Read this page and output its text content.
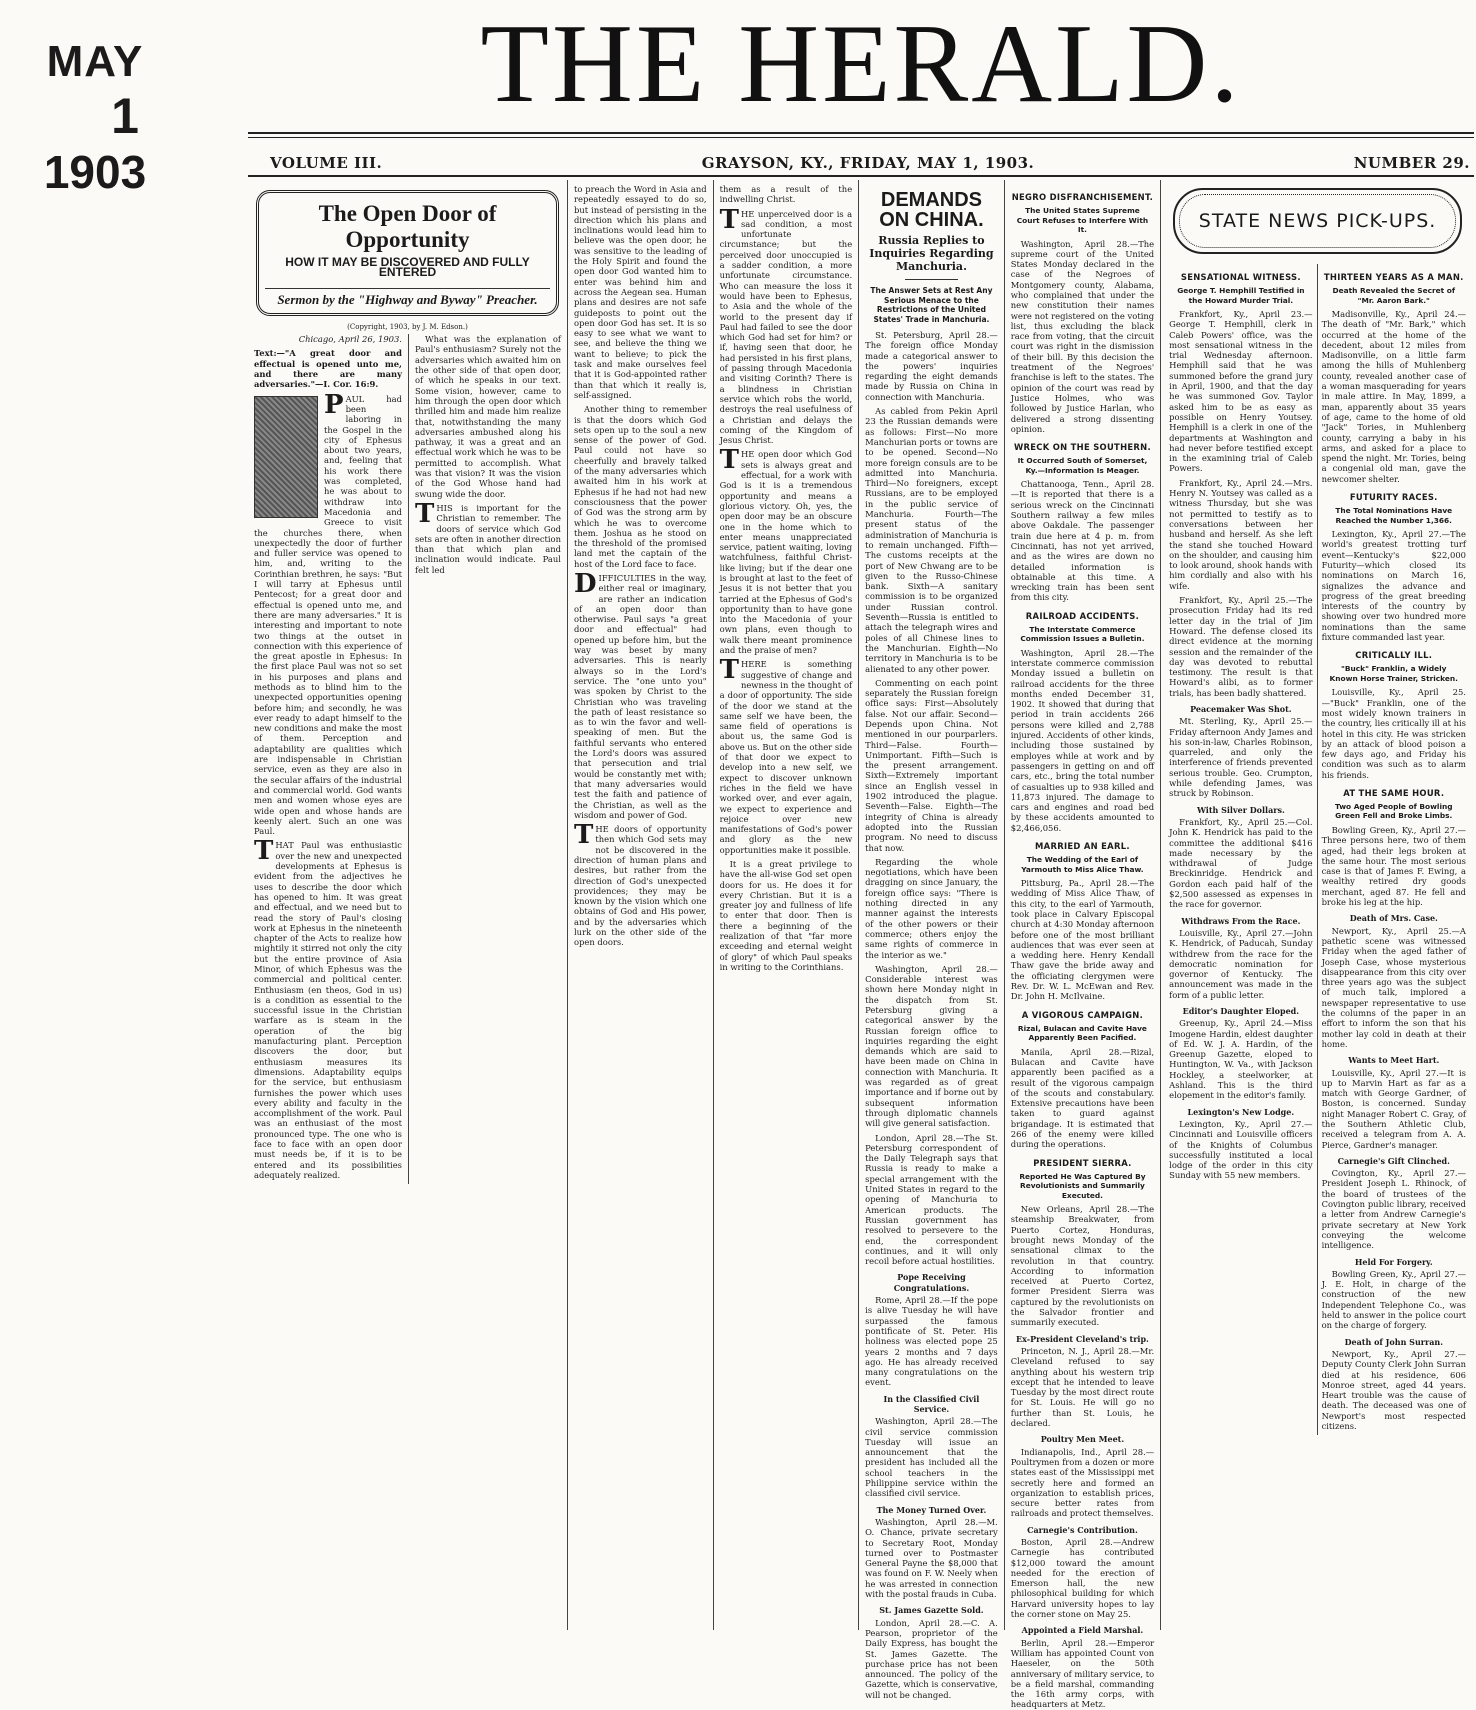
MAY
1
1903
THE HERALD.
VOLUME III.	GRAYSON, KY., FRIDAY, MAY 1, 1903.	NUMBER 29.
The Open Door of Opportunity
HOW IT MAY BE DISCOVERED AND FULLY ENTERED
Sermon by the "Highway and Byway" Preacher.
(Copyright, 1903, by J. M. Edson.)

Chicago, April 26, 1903.

Text:—"A great door and effectual is opened unto me, and there are many adversaries."—I. Cor. 16:9.

PAUL had been laboring in the Gospel in the city of Ephesus about two years, and, feeling that his work there was completed, he was about to withdraw into Macedonia and Greece to visit the churches there, when unexpectedly the door of further and fuller service was opened to him, and, writing to the Corinthian brethren, he says: "But I will tarry at Ephesus until Pentecost; for a great door and effectual is opened unto me, and there are many adversaries." It is interesting and important to note two things at the outset in connection with this experience of the great apostle in Ephesus: In the first place Paul was not so set in his purposes and plans and methods as to blind him to the unexpected opportunities opening before him; and secondly, he was ever ready to adapt himself to the new conditions and make the most of them. Perception and adaptability are qualities which are indispensable in Christian service, even as they are also in the secular affairs of the industrial and commercial world. God wants men and women whose eyes are wide open and whose hands are keenly alert. Such an one was Paul.

THAT Paul was enthusiastic over the new and unexpected developments at Ephesus is evident from the adjectives he uses to describe the door which has opened to him. It was great and effectual, and we need but to read the story of Paul's closing work at Ephesus in the nineteenth chapter of the Acts to realize how mightily it stirred not only the city but the entire province of Asia Minor, of which Ephesus was the commercial and political center. Enthusiasm (en theos, God in us) is a condition as essential to the successful issue in the Christian warfare as is steam in the operation of the big manufacturing plant. Perception discovers the door, but enthusiasm measures its dimensions. Adaptability equips for the service, but enthusiasm furnishes the power which uses every ability and faculty in the accomplishment of the work. Paul was an enthusiast of the most pronounced type. The one who is face to face with an open door must needs be, if it is to be entered and its possibilities adequately realized.

What was the explanation of Paul's enthusiasm? Surely not the adversaries which awaited him on the other side of that open door, of which he speaks in our text. Some vision, however, came to him through the open door which thrilled him and made him realize that, notwithstanding the many adversaries ambushed along his pathway, it was a great and an effectual work which he was to be permitted to accomplish. What was that vision? It was the vision of the God Whose hand had swung wide the door.

THIS is important for the Christian to remember. The doors of service which God sets are often in another direction than that which plan and inclination would indicate. Paul felt led

to preach the Word in Asia and repeatedly essayed to do so, but instead of persisting in the direction which his plans and inclinations would lead him to believe was the open door, he was sensitive to the leading of the Holy Spirit and found the open door God wanted him to enter was behind him and across the Aegean sea. Human plans and desires are not safe guideposts to point out the open door God has set. It is so easy to see what we want to see, and believe the thing we want to believe; to pick the task and make ourselves feel that it is God-appointed rather than that which it really is, self-assigned.

Another thing to remember is that the doors which God sets open up to the soul a new sense of the power of God. Paul could not have so cheerfully and bravely talked of the many adversaries which awaited him in his work at Ephesus if he had not had new consciousness that the power of God was the strong arm by which he was to overcome them. Joshua as he stood on the threshold of the promised land met the captain of the host of the Lord face to face.

DIFFICULTIES in the way, either real or imaginary, are rather an indication of an open door than otherwise. Paul says "a great door and effectual" had opened up before him, but the way was beset by many adversaries. This is nearly always so in the Lord's service. The "one unto you" was spoken by Christ to the Christian who was traveling the path of least resistance so as to win the favor and well-speaking of men. But the faithful servants who entered the Lord's doors was assured that persecution and trial would be constantly met with; that many adversaries would test the faith and patience of the Christian, as well as the wisdom and power of God.

THE doors of opportunity then which God sets may not be discovered in the direction of human plans and desires, but rather from the direction of God's unexpected providences; they may be known by the vision which one obtains of God and His power, and by the adversaries which lurk on the other side of the open doors.

them as a result of the indwelling Christ.

THE unperceived door is a sad condition, a most unfortunate circumstance; but the perceived door unoccupied is a sadder condition, a more unfortunate circumstance. Who can measure the loss it would have been to Ephesus, to Asia and the whole of the world to the present day if Paul had failed to see the door which God had set for him? or if, having seen that door, he had persisted in his first plans, of passing through Macedonia and visiting Corinth? There is a blindness in Christian service which robs the world, destroys the real usefulness of a Christian and delays the coming of the Kingdom of Jesus Christ.

THE open door which God sets is always great and effectual, for a work with God is it is a tremendous opportunity and means a glorious victory. Oh, yes, the open door may be an obscure one in the home which to enter means unappreciated service, patient waiting, loving watchfulness, faithful Christ-like living; but if the dear one is brought at last to the feet of Jesus it is not better that you tarried at the Ephesus of God's opportunity than to have gone into the Macedonia of your own plans, even though to walk there meant prominence and the praise of men?

THERE is something suggestive of change and newness in the thought of a door of opportunity. The side of the door we stand at the same self we have been, the same field of operations is about us, the same God is above us. But on the other side of that door we expect to develop into a new self, we expect to discover unknown riches in the field we have worked over, and ever again, we expect to experience and rejoice over new manifestations of God's power and glory as the new opportunities make it possible.

It is a great privilege to have the all-wise God set open doors for us. He does it for every Christian. But it is a greater joy and fullness of life to enter that door. Then is there a beginning of the realization of that "far more exceeding and eternal weight of glory" of which Paul speaks in writing to the Corinthians.

DEMANDS ON CHINA.
Russia Replies to Inquiries Regarding Manchuria.
The Answer Sets at Rest Any Serious Menace to the Restrictions of the United States' Trade in Manchuria.

St. Petersburg, April 28.—The foreign office Monday made a categorical answer to the powers' inquiries regarding the eight demands made by Russia on China in connection with Manchuria.

As cabled from Pekin April 23 the Russian demands were as follows: First—No more Manchurian ports or towns are to be opened. Second—No more foreign consuls are to be admitted into Manchuria. Third—No foreigners, except Russians, are to be employed in the public service of Manchuria. Fourth—The present status of the administration of Manchuria is to remain unchanged. Fifth—The customs receipts at the port of New Chwang are to be given to the Russo-Chinese bank. Sixth—A sanitary commission is to be organized under Russian control. Seventh—Russia is entitled to attach the telegraph wires and poles of all Chinese lines to the Manchurian. Eighth—No territory in Manchuria is to be alienated to any other power.

Commenting on each point separately the Russian foreign office says: First—Absolutely false. Not our affair. Second—Depends upon China. Not mentioned in our pourparlers. Third—False. Fourth—Unimportant. Fifth—Such is the present arrangement. Sixth—Extremely important since an English vessel in 1902 introduced the plague. Seventh—False. Eighth—The integrity of China is already adopted into the Russian program. No need to discuss that now.

Regarding the whole negotiations, which have been dragging on since January, the foreign office says: "There is nothing directed in any manner against the interests of the other powers or their commerce; others enjoy the same rights of commerce in the interior as we."

Washington, April 28.—Considerable interest was shown here Monday night in the dispatch from St. Petersburg giving a categorical answer by the Russian foreign office to inquiries regarding the eight demands which are said to have been made on China in connection with Manchuria. It was regarded as of great importance and if borne out by subsequent information through diplomatic channels will give general satisfaction.

London, April 28.—The St. Petersburg correspondent of the Daily Telegraph says that Russia is ready to make a special arrangement with the United States in regard to the opening of Manchuria to American products. The Russian government has resolved to persevere to the end, the correspondent continues, and it will only recoil before actual hostilities.

Pope Receiving Congratulations.

Rome, April 28.—If the pope is alive Tuesday he will have surpassed the famous pontificate of St. Peter. His holiness was elected pope 25 years 2 months and 7 days ago. He has already received many congratulations on the event.

In the Classified Civil Service.

Washington, April 28.—The civil service commission Tuesday will issue an announcement that the president has included all the school teachers in the Philippine service within the classified civil service.

The Money Turned Over.

Washington, April 28.—M. O. Chance, private secretary to Secretary Root, Monday turned over to Postmaster General Payne the $8,000 that was found on F. W. Neely when he was arrested in connection with the postal frauds in Cuba.

St. James Gazette Sold.

London, April 28.—C. A. Pearson, proprietor of the Daily Express, has bought the St. James Gazette. The purchase price has not been announced. The policy of the Gazette, which is conservative, will not be changed.

NEGRO DISFRANCHISEMENT.
The United States Supreme Court Refuses to Interfere With It.

Washington, April 28.—The supreme court of the United States Monday declared in the case of the Negroes of Montgomery county, Alabama, who complained that under the new constitution their names were not registered on the voting list, thus excluding the black race from voting, that the circuit court was right in the dismission of their bill. By this decision the treatment of the Negroes' franchise is left to the states. The opinion of the court was read by Justice Holmes, who was followed by Justice Harlan, who delivered a strong dissenting opinion.

WRECK ON THE SOUTHERN.
It Occurred South of Somerset, Ky.—Information Is Meager.

Chattanooga, Tenn., April 28.—It is reported that there is a serious wreck on the Cincinnati Southern railway a few miles above Oakdale. The passenger train due here at 4 p. m. from Cincinnati, has not yet arrived, and as the wires are down no detailed information is obtainable at this time. A wrecking train has been sent from this city.

RAILROAD ACCIDENTS.
The Interstate Commerce Commission Issues a Bulletin.

Washington, April 28.—The interstate commerce commission Monday issued a bulletin on railroad accidents for the three months ended December 31, 1902. It showed that during that period in train accidents 266 persons were killed and 2,788 injured. Accidents of other kinds, including those sustained by employes while at work and by passengers in getting on and off cars, etc., bring the total number of casualties up to 938 killed and 11,873 injured. The damage to cars and engines and road bed by these accidents amounted to $2,466,056.

MARRIED AN EARL.
The Wedding of the Earl of Yarmouth to Miss Alice Thaw.

Pittsburg, Pa., April 28.—The wedding of Miss Alice Thaw, of this city, to the earl of Yarmouth, took place in Calvary Episcopal church at 4:30 Monday afternoon before one of the most brilliant audiences that was ever seen at a wedding here. Henry Kendall Thaw gave the bride away and the officiating clergymen were Rev. Dr. W. L. McEwan and Rev. Dr. John H. McIlvaine.

A VIGOROUS CAMPAIGN.
Rizal, Bulacan and Cavite Have Apparently Been Pacified.

Manila, April 28.—Rizal, Bulacan and Cavite have apparently been pacified as a result of the vigorous campaign of the scouts and constabulary. Extensive precautions have been taken to guard against brigandage. It is estimated that 266 of the enemy were killed during the operations.

PRESIDENT SIERRA.
Reported He Was Captured By Revolutionists and Summarily Executed.

New Orleans, April 28.—The steamship Breakwater, from Puerto Cortez, Honduras, brought news Monday of the sensational climax to the revolution in that country. According to information received at Puerto Cortez, former President Sierra was captured by the revolutionists on the Salvador frontier and summarily executed.

Ex-President Cleveland's trip.

Princeton, N. J., April 28.—Mr. Cleveland refused to say anything about his western trip except that he intended to leave Tuesday by the most direct route for St. Louis. He will go no further than St. Louis, he declared.

Poultry Men Meet.

Indianapolis, Ind., April 28.—Poultrymen from a dozen or more states east of the Mississippi met secretly here and formed an organization to establish prices, secure better rates from railroads and protect themselves.

Carnegie's Contribution.

Boston, April 28.—Andrew Carnegie has contributed $12,000 toward the amount needed for the erection of Emerson hall, the new philosophical building for which Harvard university hopes to lay the corner stone on May 25.

Appointed a Field Marshal.

Berlin, April 28.—Emperor William has appointed Count von Haeseler, on the 50th anniversary of military service, to be a field marshal, commanding the 16th army corps, with headquarters at Metz.

STATE NEWS PICK-UPS.
SENSATIONAL WITNESS.
George T. Hemphill Testified in the Howard Murder Trial.

Frankfort, Ky., April 23.—George T. Hemphill, clerk in Caleb Powers' office, was the most sensational witness in the trial Wednesday afternoon. Hemphill said that he was summoned before the grand jury in April, 1900, and that the day he was summoned Gov. Taylor asked him to be as easy as possible on Henry Youtsey. Hemphill is a clerk in one of the departments at Washington and had never before testified except in the examining trial of Caleb Powers.

Frankfort, Ky., April 24.—Mrs. Henry N. Youtsey was called as a witness Thursday, but she was not permitted to testify as to conversations between her husband and herself. As she left the stand she touched Howard on the shoulder, and causing him to look around, shook hands with him cordially and also with his wife.

Frankfort, Ky., April 25.—The prosecution Friday had its red letter day in the trial of Jim Howard. The defense closed its direct evidence at the morning session and the remainder of the day was devoted to rebuttal testimony. The result is that Howard's alibi, as to former trials, has been badly shattered.

Peacemaker Was Shot.

Mt. Sterling, Ky., April 25.—Friday afternoon Andy James and his son-in-law, Charles Robinson, quarreled, and only the interference of friends prevented serious trouble. Geo. Crumpton, while defending James, was struck by Robinson.

With Silver Dollars.

Frankfort, Ky., April 25.—Col. John K. Hendrick has paid to the committee the additional $416 made necessary by the withdrawal of Judge Breckinridge. Hendrick and Gordon each paid half of the $2,500 assessed as expenses in the race for governor.

Withdraws From the Race.

Louisville, Ky., April 27.—John K. Hendrick, of Paducah, Sunday withdrew from the race for the democratic nomination for governor of Kentucky. The announcement was made in the form of a public letter.

Editor's Daughter Eloped.

Greenup, Ky., April 24.—Miss Imogene Hardin, eldest daughter of Ed. W. J. A. Hardin, of the Greenup Gazette, eloped to Huntington, W. Va., with Jackson Hockley, a steelworker, at Ashland. This is the third elopement in the editor's family.

Lexington's New Lodge.

Lexington, Ky., April 27.—Cincinnati and Louisville officers of the Knights of Columbus successfully instituted a local lodge of the order in this city Sunday with 55 new members.

THIRTEEN YEARS AS A MAN.
Death Revealed the Secret of "Mr. Aaron Bark."

Madisonville, Ky., April 24.—The death of "Mr. Bark," which occurred at the home of the decedent, about 12 miles from Madisonville, on a little farm among the hills of Muhlenberg county, revealed another case of a woman masquerading for years in male attire. In May, 1899, a man, apparently about 35 years of age, came to the home of old "Jack" Tories, in Muhlenberg county, carrying a baby in his arms, and asked for a place to spend the night. Mr. Tories, being a congenial old man, gave the newcomer shelter.

FUTURITY RACES.
The Total Nominations Have Reached the Number 1,366.

Lexington, Ky., April 27.—The world's greatest trotting turf event—Kentucky's $22,000 Futurity—which closed its nominations on March 16, signalizes the advance and progress of the great breeding interests of the country by showing over two hundred more nominations than the same fixture commanded last year.

CRITICALLY ILL.
"Buck" Franklin, a Widely Known Horse Trainer, Stricken.

Louisville, Ky., April 25.—"Buck" Franklin, one of the most widely known trainers in the country, lies critically ill at his hotel in this city. He was stricken by an attack of blood poison a few days ago, and Friday his condition was such as to alarm his friends.

AT THE SAME HOUR.
Two Aged People of Bowling Green Fell and Broke Limbs.

Bowling Green, Ky., April 27.—Three persons here, two of them aged, had their legs broken at the same hour. The most serious case is that of James F. Ewing, a wealthy retired dry goods merchant, aged 87. He fell and broke his leg at the hip.

Death of Mrs. Case.

Newport, Ky., April 25.—A pathetic scene was witnessed Friday when the aged father of Joseph Case, whose mysterious disappearance from this city over three years ago was the subject of much talk, implored a newspaper representative to use the columns of the paper in an effort to inform the son that his mother lay cold in death at their home.

Wants to Meet Hart.

Louisville, Ky., April 27.—It is up to Marvin Hart as far as a match with George Gardner, of Boston, is concerned. Sunday night Manager Robert C. Gray, of the Southern Athletic Club, received a telegram from A. A. Pierce, Gardner's manager.

Carnegie's Gift Clinched.

Covington, Ky., April 27.—President Joseph L. Rhinock, of the board of trustees of the Covington public library, received a letter from Andrew Carnegie's private secretary at New York conveying the welcome intelligence.

Held For Forgery.

Bowling Green, Ky., April 27.—J. E. Holt, in charge of the construction of the new Independent Telephone Co., was held to answer in the police court on the charge of forgery.

Death of John Surran.

Newport, Ky., April 27.—Deputy County Clerk John Surran died at his residence, 606 Monroe street, aged 44 years. Heart trouble was the cause of death. The deceased was one of Newport's most respected citizens.
